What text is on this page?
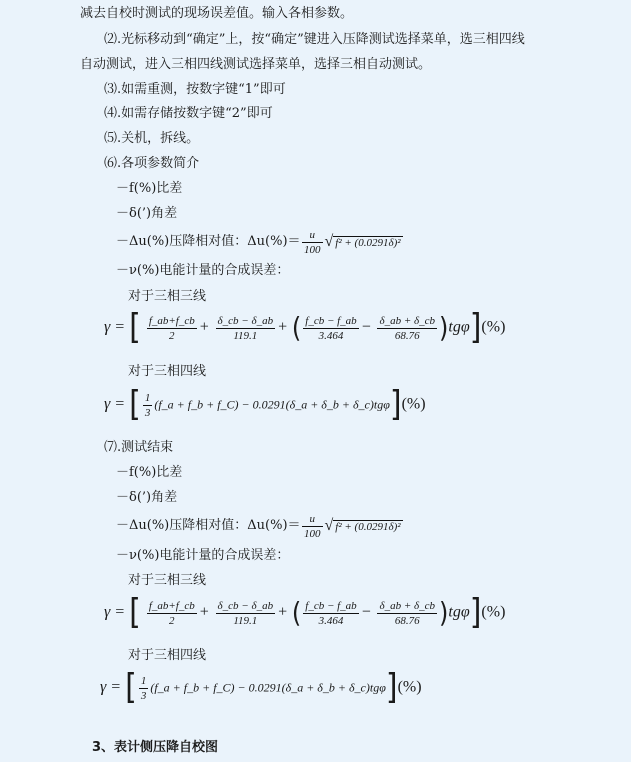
减去自校时测试的现场误差值。输入各相参数。
⑵.光标移动到“确定”上，按“确定”键进入压降测试选择菜单，选三相四线
自动测试，进入三相四线测试选择菜单，选择三相自动测试。
⑶.如需重测，按数字键“1”即可
⑷.如需存储按数字键“2”即可
⑸.关机，拆线。
⑹.各项参数简介
－f(%)比差
－δ(’)角差
－Δu(%)压降相对值：$\Delta u(\%)= \frac{u}{100}$ √ f² + (0.0291δ)²
－ν(%)电能计量的合成误差：
对于三相三线
γ = [ $\frac{f\_ab+f\_cb}{2} + \frac{\delta\_cb - \delta\_ab}{119.1}$ + ( $\frac{f\_cb - f\_ab}{3.464} - \frac{\delta\_ab + \delta\_cb}{68.76} )tg\varphi](\%)$
对于三相四线
γ = [ $\frac{1}{3}$ (f_a + f_b + f_C) − 0.0291(δ_a + δ_b + δ_c)tgφ](%)
⑺.测试结束
－f(%)比差
－δ(’)角差
－Δu(%)压降相对值：$\Delta u(\%)= \frac{u}{100}$ √ f² + (0.0291δ)²
－ν(%)电能计量的合成误差：
对于三相三线
γ = [ $\frac{f\_ab+f\_cb}{2} + \frac{\delta\_cb - \delta\_ab}{119.1}$ + ( $\frac{f\_cb - f\_ab}{3.464} - \frac{\delta\_ab + \delta\_cb}{68.76} )tg\varphi](\%)$
对于三相四线
γ = [ $\frac{1}{3}$ (f_a + f_b + f_C) − 0.0291(δ_a + δ_b + δ_c)tgφ](%)
3、表计侧压降自校图
